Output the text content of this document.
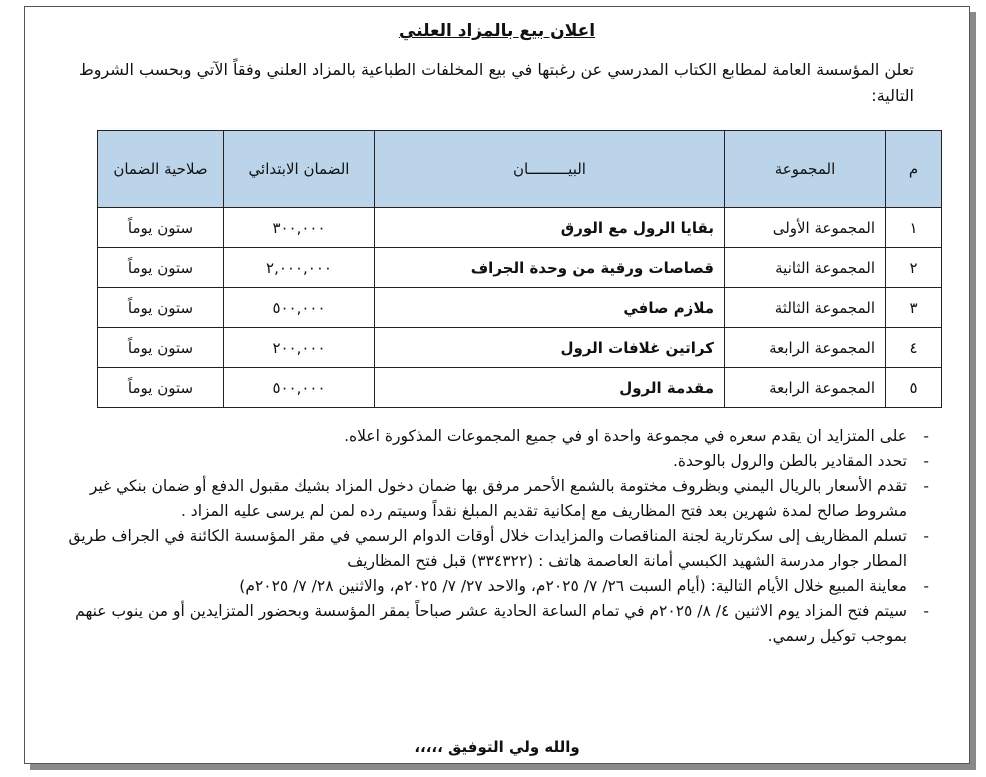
اعلان بيع بالمزاد العلني
تعلن المؤسسة العامة لمطابع الكتاب المدرسي عن رغبتها في بيع المخلفات الطباعية بالمزاد العلني وفقاً الآتي وبحسب الشروط التالية:
م	المجموعة	البيـــــــــان	الضمان الابتدائي	صلاحية الضمان
١	المجموعة الأولى	بقايا الرول مع الورق	٣٠٠,٠٠٠	ستون يوماً
٢	المجموعة الثانية	قصاصات ورقية من وحدة الجراف	٢,٠٠٠,٠٠٠	ستون يوماً
٣	المجموعة الثالثة	ملازم صافي	٥٠٠,٠٠٠	ستون يوماً
٤	المجموعة الرابعة	كراتين غلافات الرول	٢٠٠,٠٠٠	ستون يوماً
٥	المجموعة الرابعة	مقدمة الرول	٥٠٠,٠٠٠	ستون يوماً
-
على المتزايد ان يقدم سعره في مجموعة واحدة او في جميع المجموعات المذكورة اعلاه.
-
تحدد المقادير بالطن والرول بالوحدة.
-
تقدم الأسعار بالريال اليمني وبظروف مختومة بالشمع الأحمر مرفق بها ضمان دخول المزاد بشيك مقبول الدفع أو ضمان بنكي غير مشروط صالح لمدة شهرين بعد فتح المظاريف مع إمكانية تقديم المبلغ نقداً وسيتم رده لمن لم يرسى عليه المزاد .
-
تسلم المظاريف إلى سكرتارية لجنة المناقصات والمزايدات خلال أوقات الدوام الرسمي في مقر المؤسسة الكائنة في الجراف طريق المطار جوار مدرسة الشهيد الكبسي أمانة العاصمة هاتف : (٣٣٤٣٢٢) قبل فتح المظاريف
-
معاينة المبيع خلال الأيام التالية: (أيام السبت ٢٦/ ٧/ ٢٠٢٥م، والاحد ٢٧/ ٧/ ٢٠٢٥م، والاثنين ٢٨/ ٧/ ٢٠٢٥م)
-
سيتم فتح المزاد يوم الاثنين ٤/ ٨/ ٢٠٢٥م في تمام الساعة الحادية عشر صباحاً بمقر المؤسسة وبحضور المتزايدين أو من ينوب عنهم بموجب توكيل رسمي.
والله ولي التوفيق ،،،،،
